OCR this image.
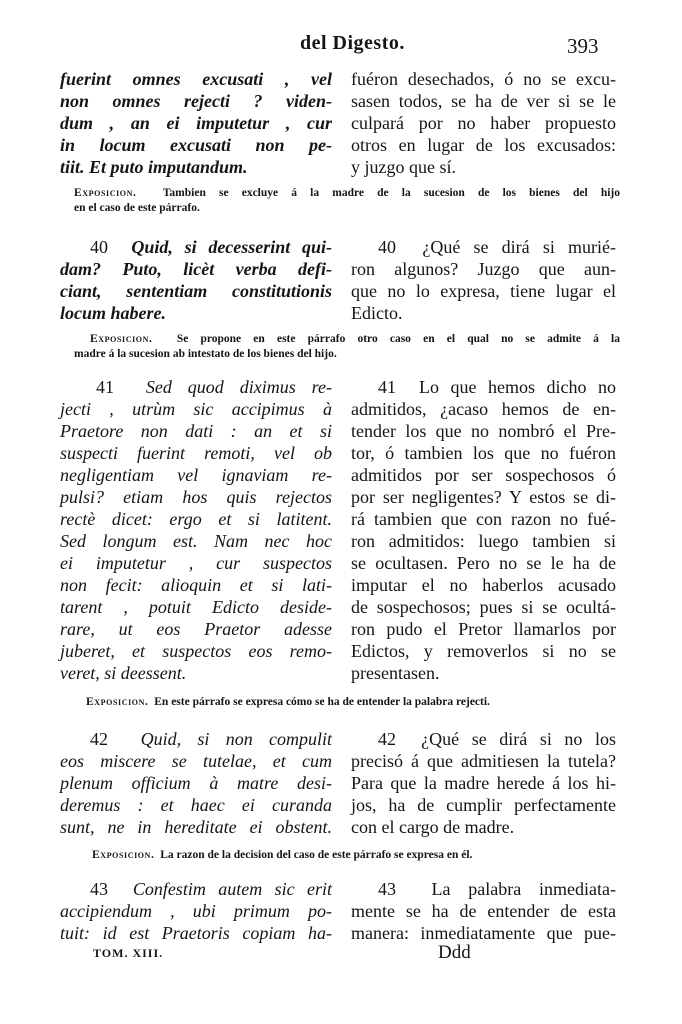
del Digesto.	393
fuerint omnes excusati , vel
non omnes rejecti ? viden-
dum , an ei imputetur , cur
in locum excusati non pe-
tiit. Et puto imputandum.
fuéron desechados, ó no se excu-
sasen todos, se ha de ver si se le
culpará por no haber propuesto
otros en lugar de los excusados:
y juzgo que sí.
Exposicion. Tambien se excluye á la madre de la sucesion de los bienes del hijo
en el caso de este párrafo.
40 Quid, si decesserint qui-
dam? Puto, licèt verba defi-
ciant, sententiam constitutionis
locum habere.
40 ¿Qué se dirá si murié-
ron algunos? Juzgo que aun-
que no lo expresa, tiene lugar el
Edicto.
Exposicion. Se propone en este párrafo otro caso en el qual no se admite á la
madre á la sucesion ab intestato de los bienes del hijo.
41 Sed quod diximus re-
jecti , utrùm sic accipimus à
Praetore non dati : an et si
suspecti fuerint remoti, vel ob
negligentiam vel ignaviam re-
pulsi? etiam hos quis rejectos
rectè dicet: ergo et si latitent.
Sed longum est. Nam nec hoc
ei imputetur , cur suspectos
non fecit: alioquin et si lati-
tarent , potuit Edicto deside-
rare, ut eos Praetor adesse
juberet, et suspectos eos remo-
veret, si deessent.
41 Lo que hemos dicho no
admitidos, ¿acaso hemos de en-
tender los que no nombró el Pre-
tor, ó tambien los que no fuéron
admitidos por ser sospechosos ó
por ser negligentes? Y estos se di-
rá tambien que con razon no fué-
ron admitidos: luego tambien si
se ocultasen. Pero no se le ha de
imputar el no haberlos acusado
de sospechosos; pues si se ocultá-
ron pudo el Pretor llamarlos por
Edictos, y removerlos si no se
presentasen.
Exposicion. En este párrafo se expresa cómo se ha de entender la palabra rejecti.
42 Quid, si non compulit
eos miscere se tutelae, et cum
plenum officium à matre desi-
deremus : et haec ei curanda
sunt, ne in hereditate ei obstent.
42 ¿Qué se dirá si no los
precisó á que admitiesen la tutela?
Para que la madre herede á los hi-
jos, ha de cumplir perfectamente
con el cargo de madre.
Exposicion. La razon de la decision del caso de este párrafo se expresa en él.
43 Confestim autem sic erit
accipiendum , ubi primum po-
tuit: id est Praetoris copiam ha-
43 La palabra inmediata-
mente se ha de entender de esta
manera: inmediatamente que pue-
TOM. XIII.	Ddd
